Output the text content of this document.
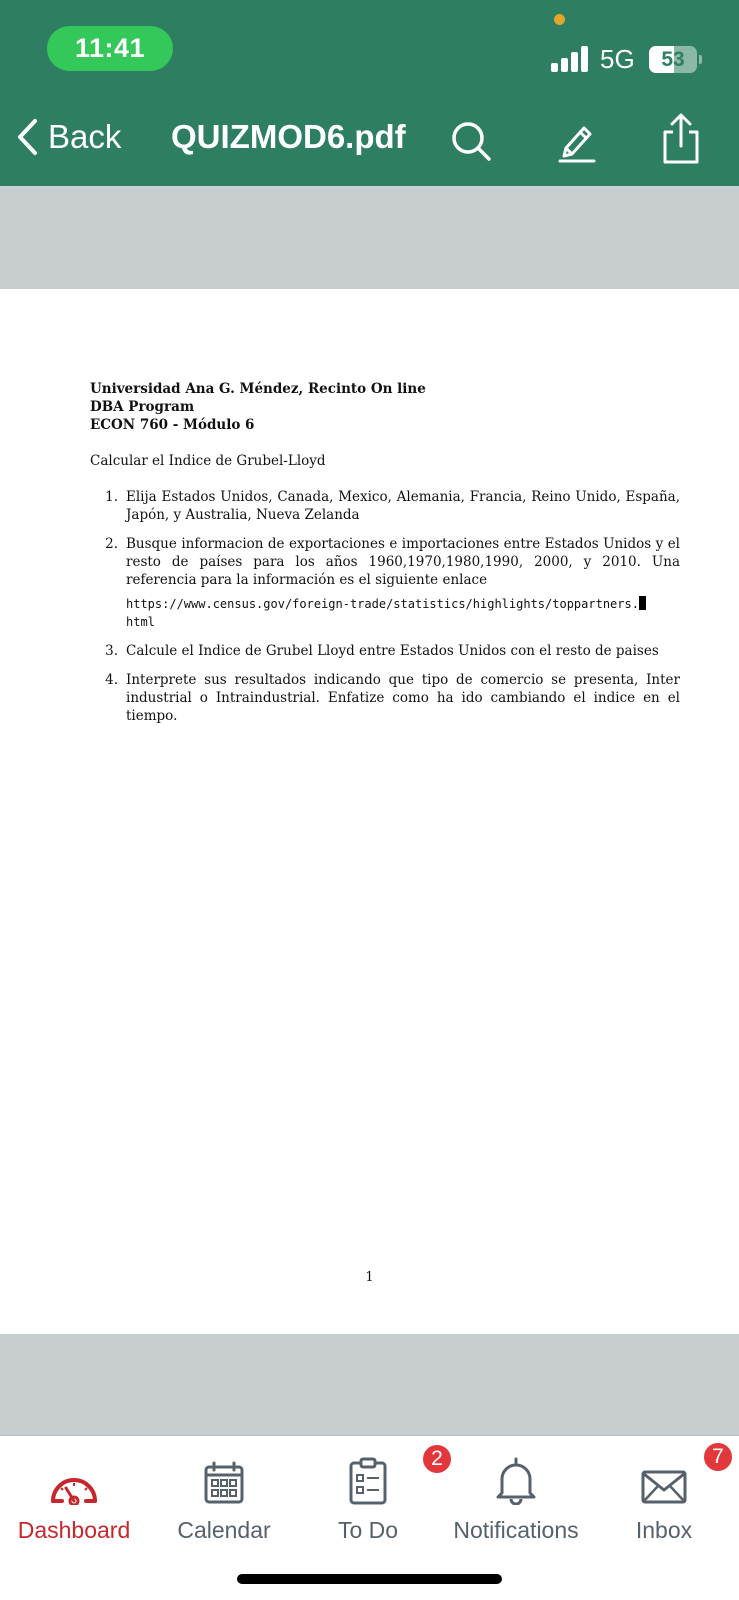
11:41	5G	53
Back QUIZMOD6.pdf
Universidad Ana G. Méndez, Recinto On line
DBA Program
ECON 760 - Módulo 6
Calcular el Indice de Grubel-Lloyd
1. Elija Estados Unidos, Canada, Mexico, Alemania, Francia, Reino Unido, España, Japón, y Australia, Nueva Zelanda
2. Busque informacion de exportaciones e importaciones entre Estados Unidos y el resto de países para los años 1960,1970,1980,1990, 2000, y 2010. Una referencia para la información es el siguiente enlace
https://www.census.gov/foreign-trade/statistics/highlights/toppartners.
html
3. Calcule el Indice de Grubel Lloyd entre Estados Unidos con el resto de paises
4. Interprete sus resultados indicando que tipo de comercio se presenta, Inter industrial o Intraindustrial. Enfatize como ha ido cambiando el indice en el tiempo.
1
Dashboard Calendar
2
To Do Notifications
7
Inbox
